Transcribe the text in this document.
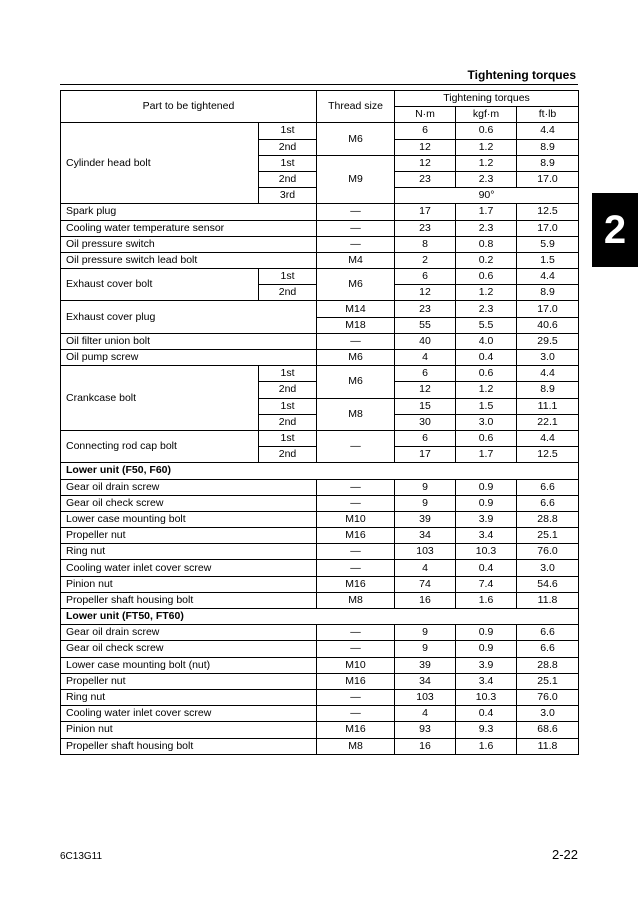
Tightening torques
2
Part to be tightened		Thread size	Tightening torques		
			N·m	kgf·m	ft·lb
Cylinder head bolt	1st	M6	6	0.6	4.4
	2nd		12	1.2	8.9
	1st	M9	12	1.2	8.9
	2nd		23	2.3	17.0
	3rd		90°		
Spark plug		—	17	1.7	12.5
Cooling water temperature sensor		—	23	2.3	17.0
Oil pressure switch		—	8	0.8	5.9
Oil pressure switch lead bolt		M4	2	0.2	1.5
Exhaust cover bolt	1st	M6	6	0.6	4.4
	2nd		12	1.2	8.9
Exhaust cover plug		M14	23	2.3	17.0
		M18	55	5.5	40.6
Oil filter union bolt		—	40	4.0	29.5
Oil pump screw		M6	4	0.4	3.0
Crankcase bolt	1st	M6	6	0.6	4.4
	2nd		12	1.2	8.9
	1st	M8	15	1.5	11.1
	2nd		30	3.0	22.1
Connecting rod cap bolt	1st	—	6	0.6	4.4
	2nd		17	1.7	12.5
Lower unit (F50, F60)					
Gear oil drain screw		—	9	0.9	6.6
Gear oil check screw		—	9	0.9	6.6
Lower case mounting bolt		M10	39	3.9	28.8
Propeller nut		M16	34	3.4	25.1
Ring nut		—	103	10.3	76.0
Cooling water inlet cover screw		—	4	0.4	3.0
Pinion nut		M16	74	7.4	54.6
Propeller shaft housing bolt		M8	16	1.6	11.8
Lower unit (FT50, FT60)					
Gear oil drain screw		—	9	0.9	6.6
Gear oil check screw		—	9	0.9	6.6
Lower case mounting bolt (nut)		M10	39	3.9	28.8
Propeller nut		M16	34	3.4	25.1
Ring nut		—	103	10.3	76.0
Cooling water inlet cover screw		—	4	0.4	3.0
Pinion nut		M16	93	9.3	68.6
Propeller shaft housing bolt		M8	16	1.6	11.8
6C13G11	2-22
